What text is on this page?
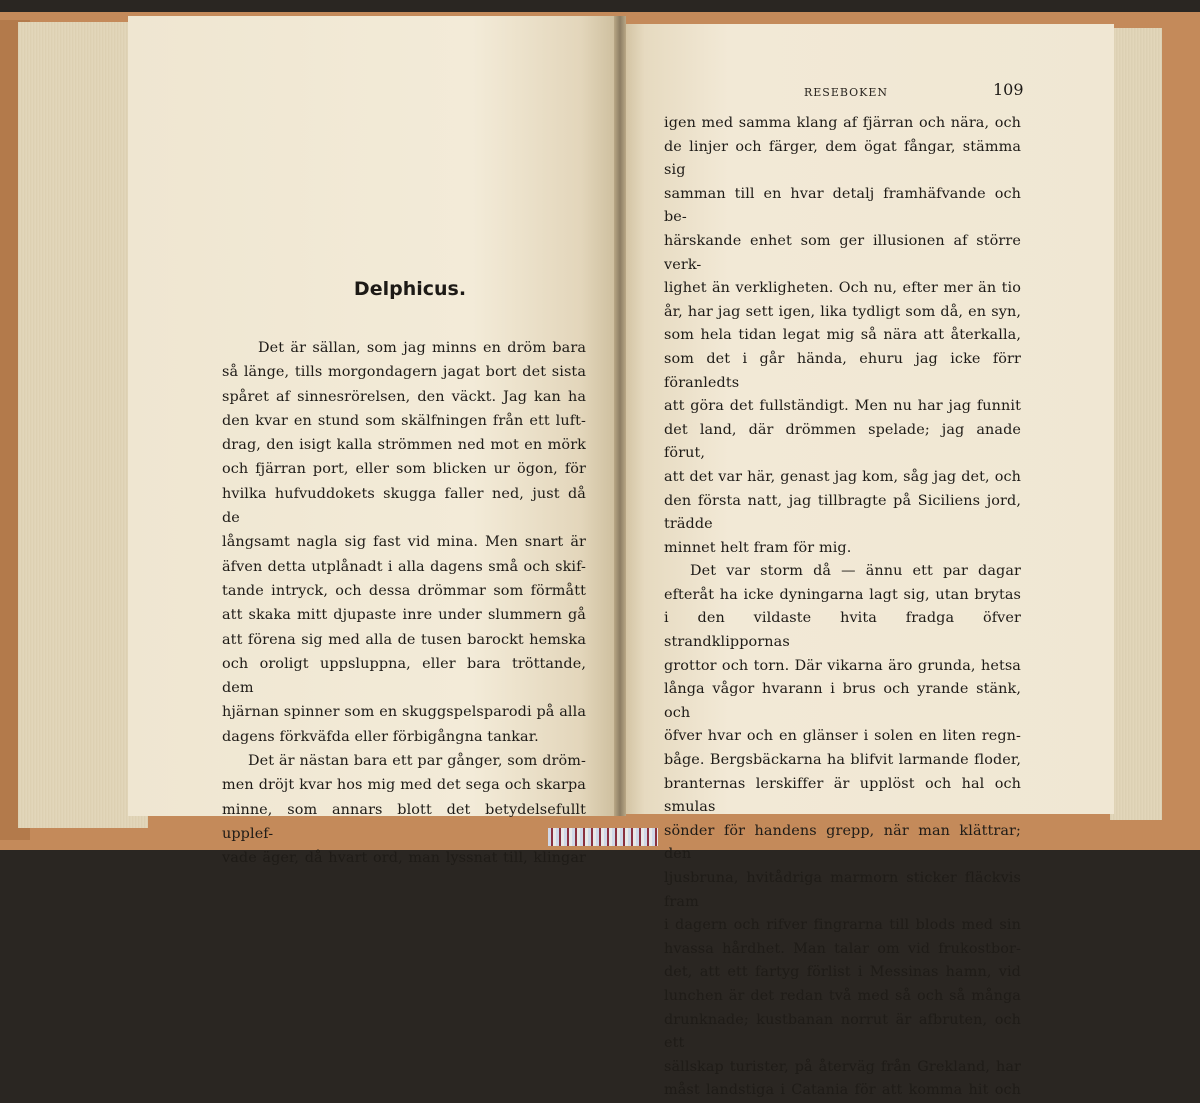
Delphicus.

Det är sällan, som jag minns en dröm bara

så länge, tills morgondagern jagat bort det sista

spåret af sinnesrörelsen, den väckt. Jag kan ha

den kvar en stund som skälfningen från ett luft-

drag, den isigt kalla strömmen ned mot en mörk

och fjärran port, eller som blicken ur ögon, för

hvilka hufvuddokets skugga faller ned, just då de

långsamt nagla sig fast vid mina. Men snart är

äfven detta utplånadt i alla dagens små och skif-

tande intryck, och dessa drömmar som förmått

att skaka mitt djupaste inre under slummern gå

att förena sig med alla de tusen barockt hemska

och oroligt uppsluppna, eller bara tröttande, dem

hjärnan spinner som en skuggspelsparodi på alla

dagens förkväfda eller förbigångna tankar.

Det är nästan bara ett par gånger, som dröm-

men dröjt kvar hos mig med det sega och skarpa

minne, som annars blott det betydelsefullt upplef-

vade äger, då hvart ord, man lyssnat till, klingar

RESEBOKEN	109

igen med samma klang af fjärran och nära, och

de linjer och färger, dem ögat fångar, stämma sig

samman till en hvar detalj framhäfvande och be-

härskande enhet som ger illusionen af större verk-

lighet än verkligheten. Och nu, efter mer än tio

år, har jag sett igen, lika tydligt som då, en syn,

som hela tidan legat mig så nära att återkalla,

som det i går hända, ehuru jag icke förr föranledts

att göra det fullständigt. Men nu har jag funnit

det land, där drömmen spelade; jag anade förut,

att det var här, genast jag kom, såg jag det, och

den första natt, jag tillbragte på Siciliens jord, trädde

minnet helt fram för mig.

Det var storm då — ännu ett par dagar

efteråt ha icke dyningarna lagt sig, utan brytas

i den vildaste hvita fradga öfver strandklippornas

grottor och torn. Där vikarna äro grunda, hetsa

långa vågor hvarann i brus och yrande stänk, och

öfver hvar och en glänser i solen en liten regn-

båge. Bergsbäckarna ha blifvit larmande floder,

branternas lerskiffer är upplöst och hal och smulas

sönder för handens grepp, när man klättrar; den

ljusbruna, hvitådriga marmorn sticker fläckvis fram

i dagern och rifver fingrarna till blods med sin

hvassa hårdhet. Man talar om vid frukostbor-

det, att ett fartyg förlist i Messinas hamn, vid

lunchen är det redan två med så och så många

drunknade; kustbanan norrut är afbruten, och ett

sällskap turister, på återväg från Grekland, har

måst landstiga i Catania för att komma hit och
